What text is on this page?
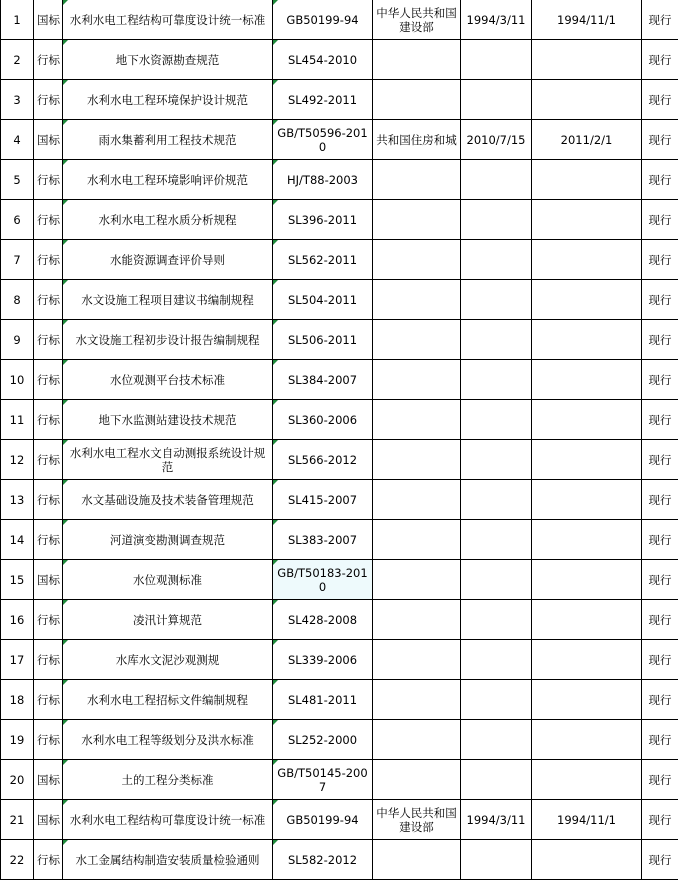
1	国标	水利水电工程结构可靠度设计统一标准	GB50199-94	中华人民共和国建设部	1994/3/11	1994/11/1	现行
2	行标	地下水资源勘查规范	SL454-2010				现行
3	行标	水利水电工程环境保护设计规范	SL492-2011				现行
4	国标	雨水集蓄利用工程技术规范	GB/T50596-2010	共和国住房和城	2010/7/15	2011/2/1	现行
5	行标	水利水电工程环境影响评价规范	HJ/T88-2003				现行
6	行标	水利水电工程水质分析规程	SL396-2011				现行
7	行标	水能资源调查评价导则	SL562-2011				现行
8	行标	水文设施工程项目建议书编制规程	SL504-2011				现行
9	行标	水文设施工程初步设计报告编制规程	SL506-2011				现行
10	行标	水位观测平台技术标准	SL384-2007				现行
11	行标	地下水监测站建设技术规范	SL360-2006				现行
12	行标	水利水电工程水文自动测报系统设计规范	SL566-2012				现行
13	行标	水文基础设施及技术装备管理规范	SL415-2007				现行
14	行标	河道演变勘测调查规范	SL383-2007				现行
15	国标	水位观测标准	GB/T50183-2010				现行
16	行标	凌汛计算规范	SL428-2008				现行
17	行标	水库水文泥沙观测规	SL339-2006				现行
18	行标	水利水电工程招标文件编制规程	SL481-2011				现行
19	行标	水利水电工程等级划分及洪水标准	SL252-2000				现行
20	国标	土的工程分类标准	GB/T50145-2007				现行
21	国标	水利水电工程结构可靠度设计统一标准	GB50199-94	中华人民共和国建设部	1994/3/11	1994/11/1	现行
22	行标	水工金属结构制造安装质量检验通则	SL582-2012				现行
